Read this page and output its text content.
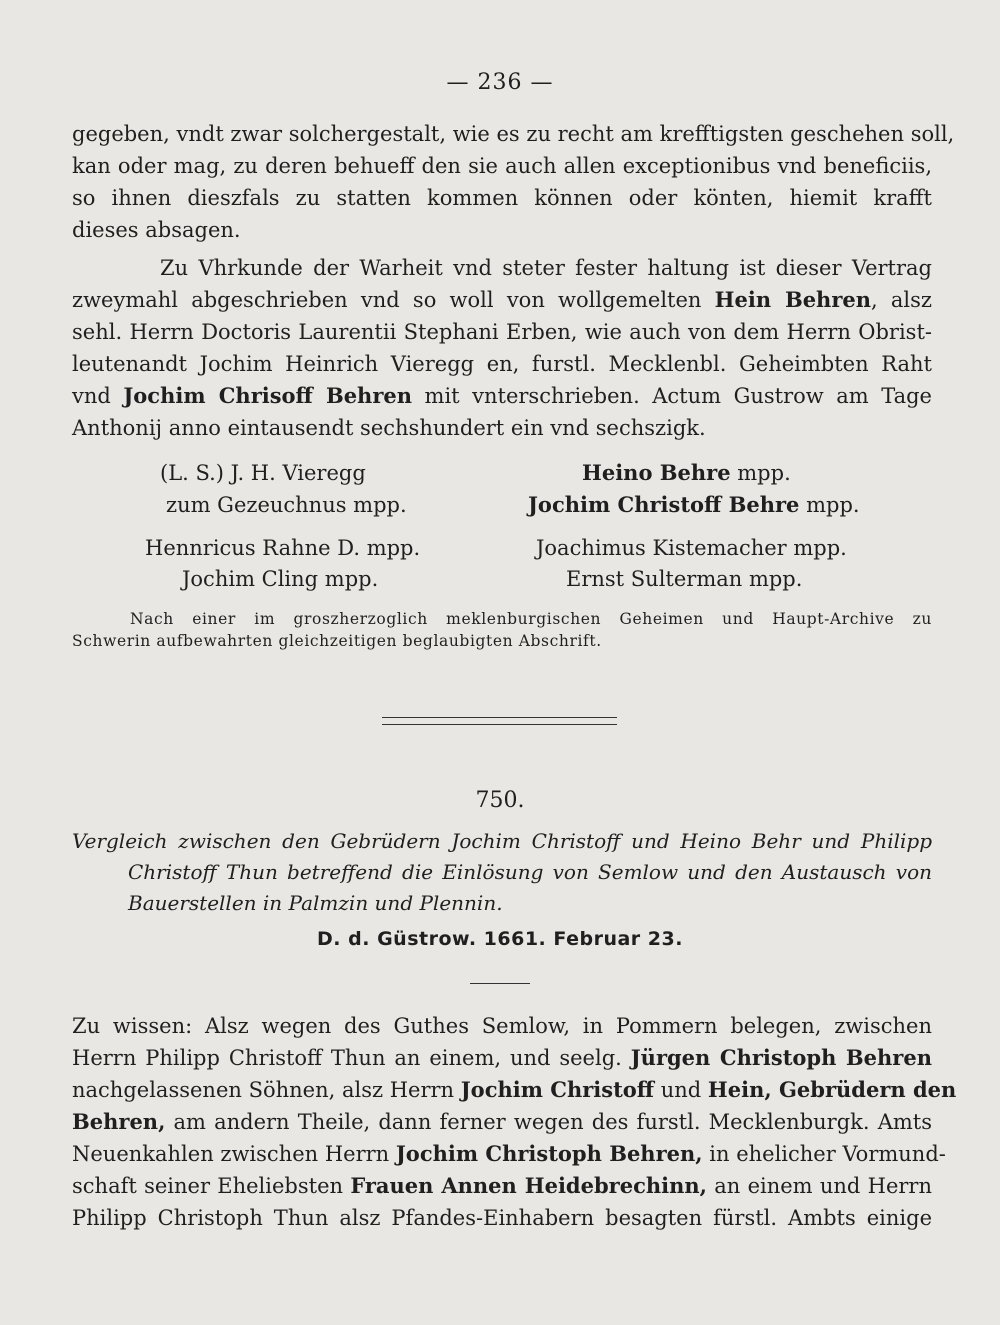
— 236 —
gegeben, vndt zwar solchergestalt, wie es zu recht am krefftigsten geschehen soll,
kan oder mag, zu deren behueff den sie auch allen exceptionibus vnd beneficiis,
so ihnen dieszfals zu statten kommen können oder könten, hiemit krafft
dieses absagen.
Zu Vhrkunde der Warheit vnd steter fester haltung ist dieser Vertrag
zweymahl abgeschrieben vnd so woll von wollgemelten Hein Behren, alsz
sehl. Herrn Doctoris Laurentii Stephani Erben, wie auch von dem Herrn Obrist-
leutenandt Jochim Heinrich Vieregg en, furstl. Mecklenbl. Geheimbten Raht
vnd Jochim Chrisoff Behren mit vnterschrieben. Actum Gustrow am Tage
Anthonij anno eintausendt sechshundert ein vnd sechszigk.
(L. S.) J. H. Vieregg
zum Gezeuchnus mpp.
Hennricus Rahne D. mpp.
Jochim Cling mpp.
Heino Behre mpp.
Jochim Christoff Behre mpp.
Joachimus Kistemacher mpp.
Ernst Sulterman mpp.
Nach einer im groszherzoglich meklenburgischen Geheimen und Haupt-Archive zu
Schwerin aufbewahrten gleichzeitigen beglaubigten Abschrift.
750.
Vergleich zwischen den Gebrüdern Jochim Christoff und Heino Behr und Philipp
Christoff Thun betreffend die Einlösung von Semlow und den Austausch von
Bauerstellen in Palmzin und Plennin.
D. d. Güstrow. 1661. Februar 23.
Zu wissen: Alsz wegen des Guthes Semlow, in Pommern belegen, zwischen
Herrn Philipp Christoff Thun an einem, und seelg. Jürgen Christoph Behren
nachgelassenen Söhnen, alsz Herrn Jochim Christoff und Hein, Gebrüdern den
Behren, am andern Theile, dann ferner wegen des furstl. Mecklenburgk. Amts
Neuenkahlen zwischen Herrn Jochim Christoph Behren, in ehelicher Vormund-
schaft seiner Eheliebsten Frauen Annen Heidebrechinn, an einem und Herrn
Philipp Christoph Thun alsz Pfandes-Einhabern besagten fürstl. Ambts einige
